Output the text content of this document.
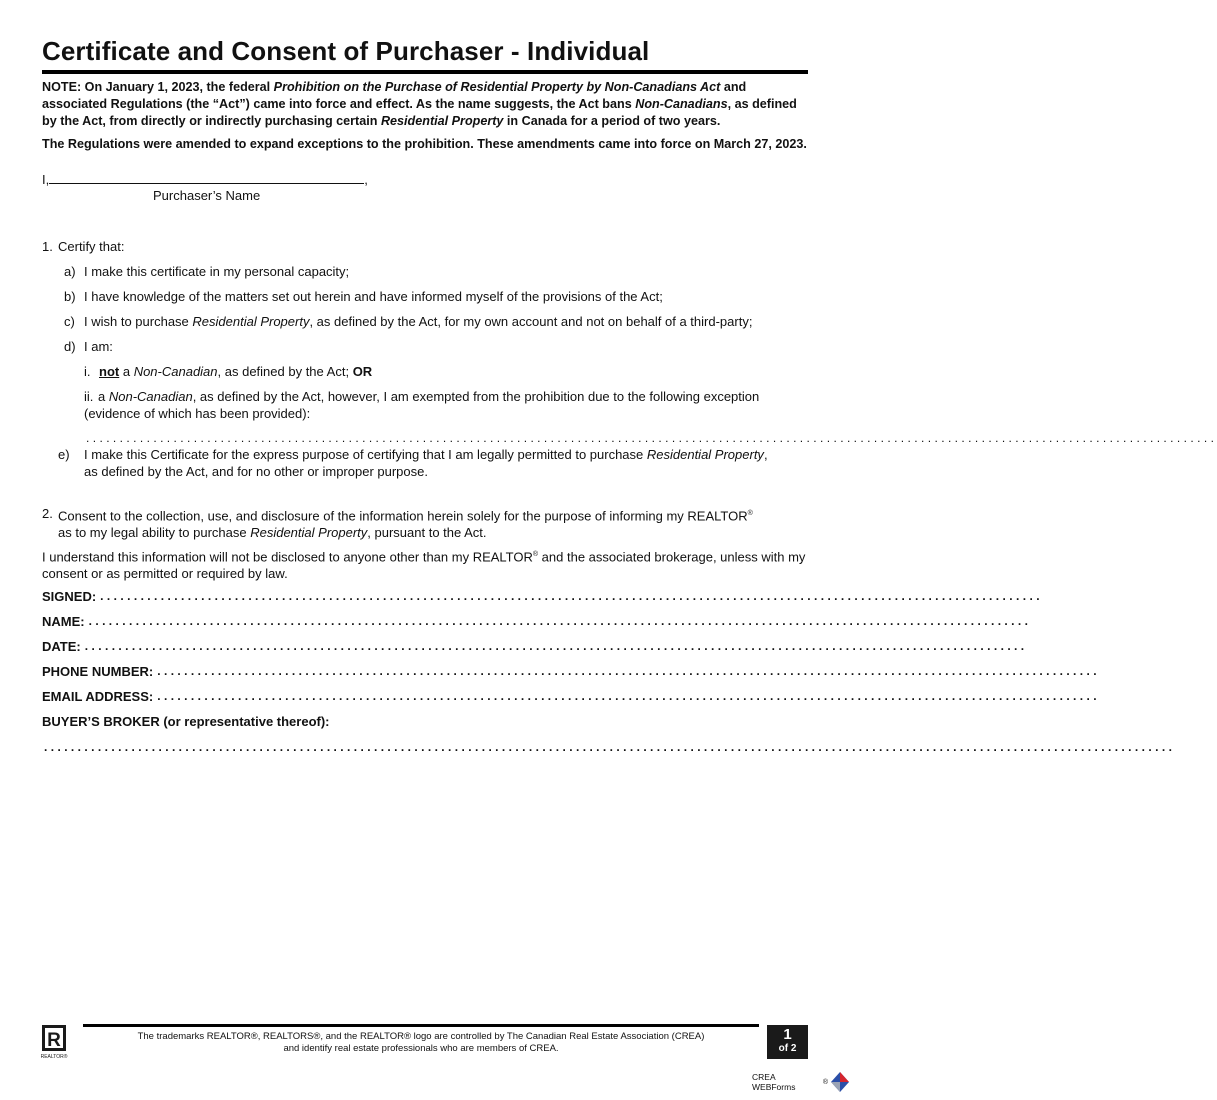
Certificate and Consent of Purchaser - Individual
NOTE: On January 1, 2023, the federal Prohibition on the Purchase of Residential Property by Non-Canadians Act and associated Regulations (the “Act”) came into force and effect. As the name suggests, the Act bans Non-Canadians, as defined by the Act, from directly or indirectly purchasing certain Residential Property in Canada for a period of two years.
The Regulations were amended to expand exceptions to the prohibition. These amendments came into force on March 27, 2023.
I,	,
Purchaser’s Name
1. Certify that:
a) I make this certificate in my personal capacity;
b) I have knowledge of the matters set out herein and have informed myself of the provisions of the Act;
c) I wish to purchase Residential Property, as defined by the Act, for my own account and not on behalf of a third-party;
d) I am:
i. not a Non-Canadian, as defined by the Act; OR
ii. a Non-Canadian, as defined by the Act, however, I am exempted from the prohibition due to the following exception (evidence of which has been provided):
........................................................................................................................................................................
e) I make this Certificate for the express purpose of certifying that I am legally permitted to purchase Residential Property, as defined by the Act, and for no other or improper purpose.
2. Consent to the collection, use, and disclosure of the information herein solely for the purpose of informing my REALTOR®
as to my legal ability to purchase Residential Property, pursuant to the Act.
I understand this information will not be disclosed to anyone other than my REALTOR® and the associated brokerage, unless with my consent or as permitted or required by law.
SIGNED: ............................................................................................................................................
NAME: ............................................................................................................................................
DATE: ............................................................................................................................................
PHONE NUMBER: ............................................................................................................................................
EMAIL ADDRESS: ............................................................................................................................................
BUYER’S BROKER (or representative thereof):
........................................................................................................................................................................
R
REALTOR®
The trademarks REALTOR®, REALTORS®, and the REALTOR® logo are controlled by The Canadian Real Estate Association (CREA)
and identify real estate professionals who are members of CREA.
1
of 2
CREA WEBForms	®
